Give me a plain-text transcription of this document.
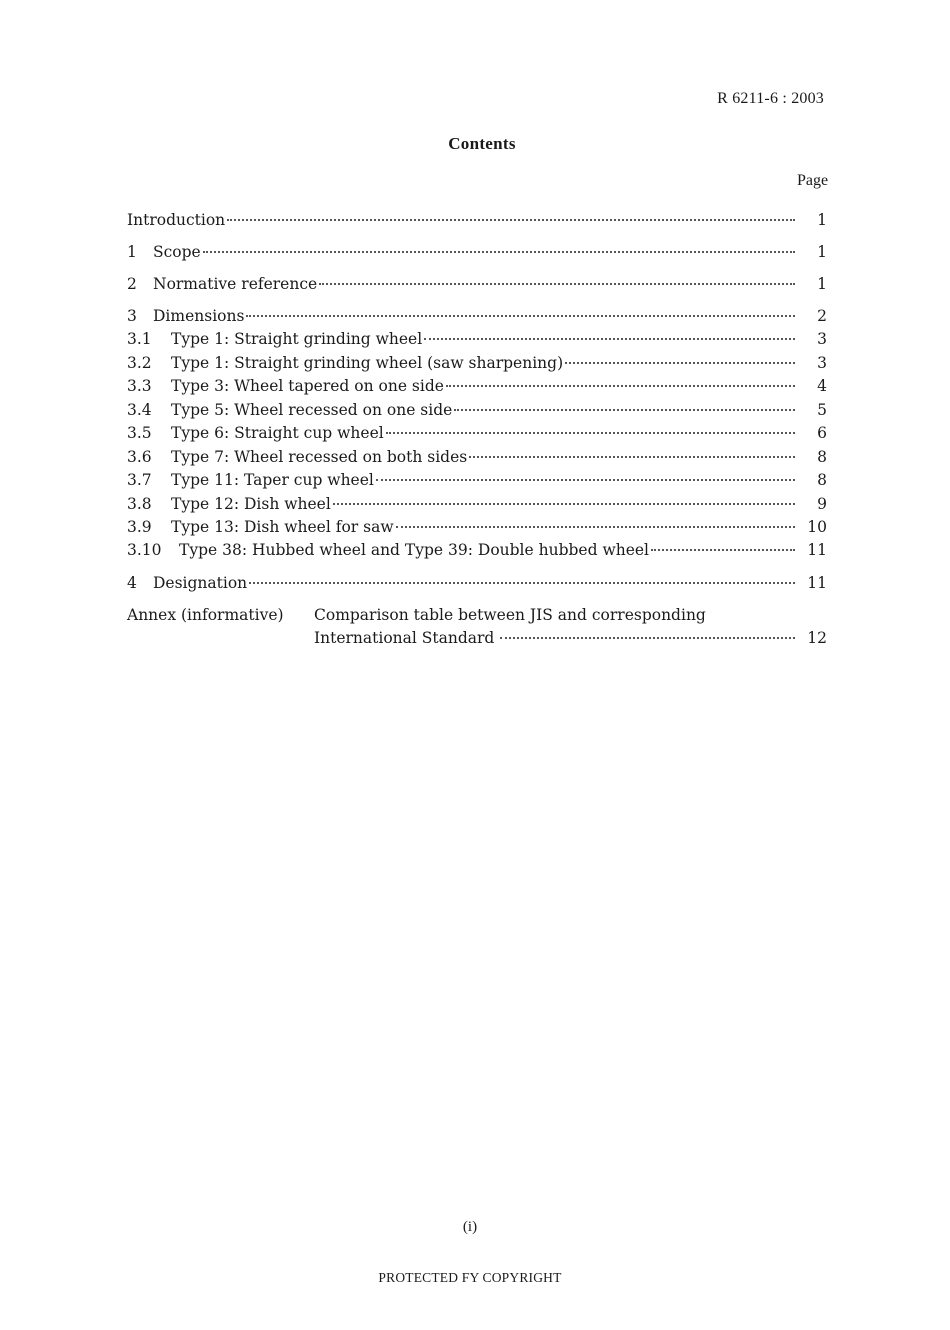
R 6211-6 : 2003
Contents
Page
Introduction	1
1	Scope	1
2	Normative reference	1
3	Dimensions	2
3.1	Type 1: Straight grinding wheel	3
3.2	Type 1: Straight grinding wheel (saw sharpening)	3
3.3	Type 3: Wheel tapered on one side	4
3.4	Type 5: Wheel recessed on one side	5
3.5	Type 6: Straight cup wheel	6
3.6	Type 7: Wheel recessed on both sides	8
3.7	Type 11: Taper cup wheel	8
3.8	Type 12: Dish wheel	9
3.9	Type 13: Dish wheel for saw	10
3.10	Type 38: Hubbed wheel and Type 39: Double hubbed wheel	11
4	Designation	11
Annex (informative) Comparison table between JIS and corresponding
International Standard	12
(i)
PROTECTED FY COPYRIGHT
